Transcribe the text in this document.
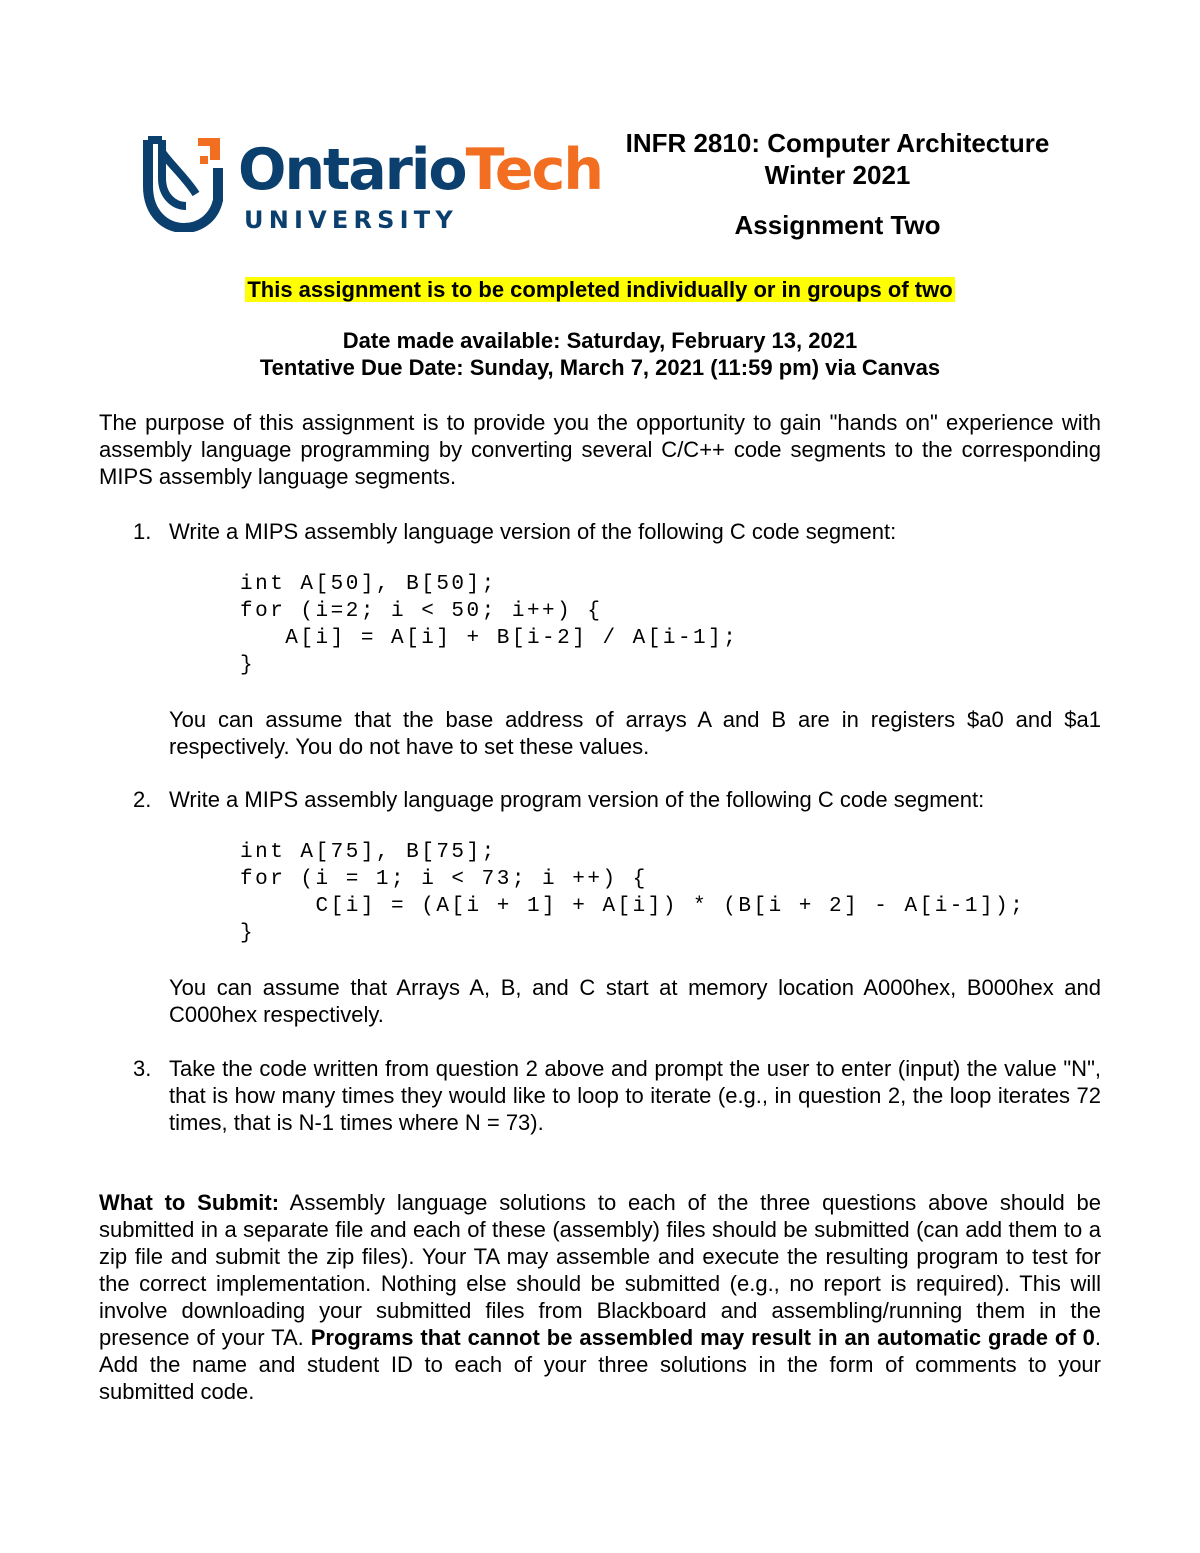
OntarioTech
UNIVERSITY
INFR 2810: Computer Architecture
Winter 2021
Assignment Two
This assignment is to be completed individually or in groups of two
Date made available: Saturday, February 13, 2021
Tentative Due Date: Sunday, March 7, 2021 (11:59 pm) via Canvas
The purpose of this assignment is to provide you the opportunity to gain "hands on" experience with assembly language programming by converting several C/C++ code segments to the corresponding MIPS assembly language segments.
1. Write a MIPS assembly language version of the following C code segment:
int A[50], B[50];
for (i=2; i < 50; i++) {
A[i] = A[i] + B[i-2] / A[i-1];
}
You can assume that the base address of arrays A and B are in registers $a0 and $a1 respectively. You do not have to set these values.
2. Write a MIPS assembly language program version of the following C code segment:
int A[75], B[75];
for (i = 1; i < 73; i ++) {
C[i] = (A[i + 1] + A[i]) * (B[i + 2] - A[i-1]);
}
You can assume that Arrays A, B, and C start at memory location A000hex, B000hex and C000hex respectively.
3. Take the code written from question 2 above and prompt the user to enter (input) the value "N", that is how many times they would like to loop to iterate (e.g., in question 2, the loop iterates 72 times, that is N-1 times where N = 73).
What to Submit: Assembly language solutions to each of the three questions above should be submitted in a separate file and each of these (assembly) files should be submitted (can add them to a zip file and submit the zip files). Your TA may assemble and execute the resulting program to test for the correct implementation. Nothing else should be submitted (e.g., no report is required). This will involve downloading your submitted files from Blackboard and assembling/running them in the presence of your TA. Programs that cannot be assembled may result in an automatic grade of 0. Add the name and student ID to each of your three solutions in the form of comments to your submitted code.
